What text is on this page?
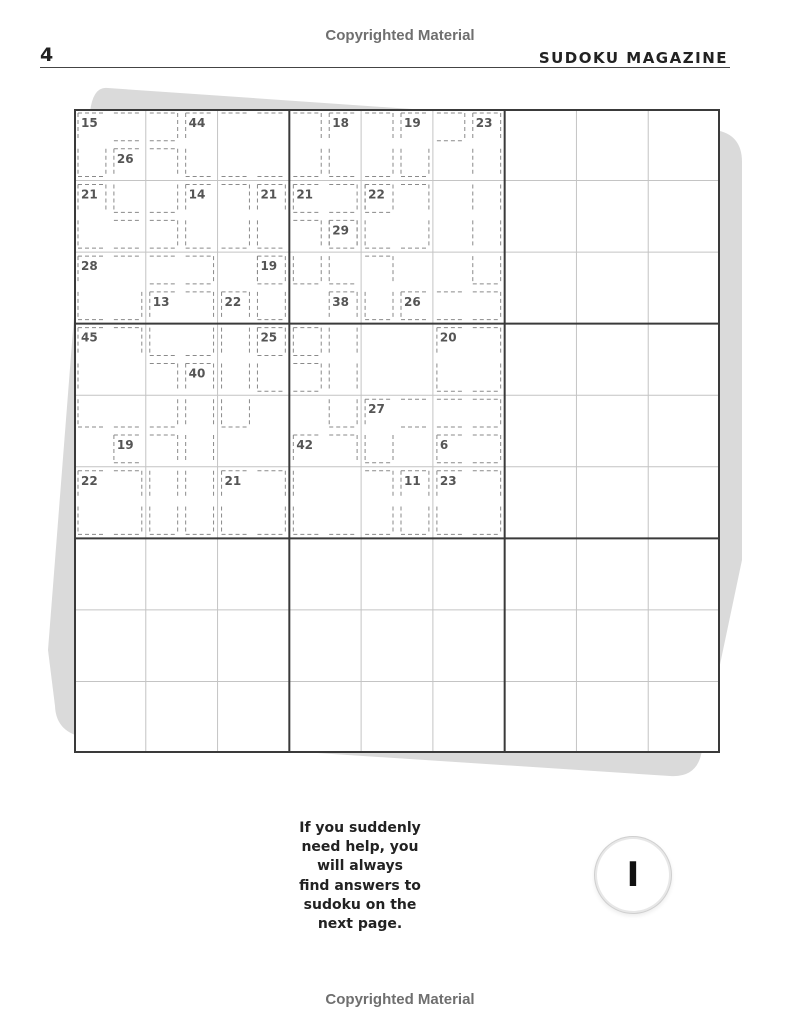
Copyrighted Material
4	SUDOKU MAGAZINE
15	44	18	19	23
26
21	14	21 21	22
29
28	19
13	22	38	26
45	25	20
40
27
19	42	6
22	21	11 23
If you suddenly
need help, you
will always
find answers to
sudoku on the
next page.
I
Copyrighted Material
